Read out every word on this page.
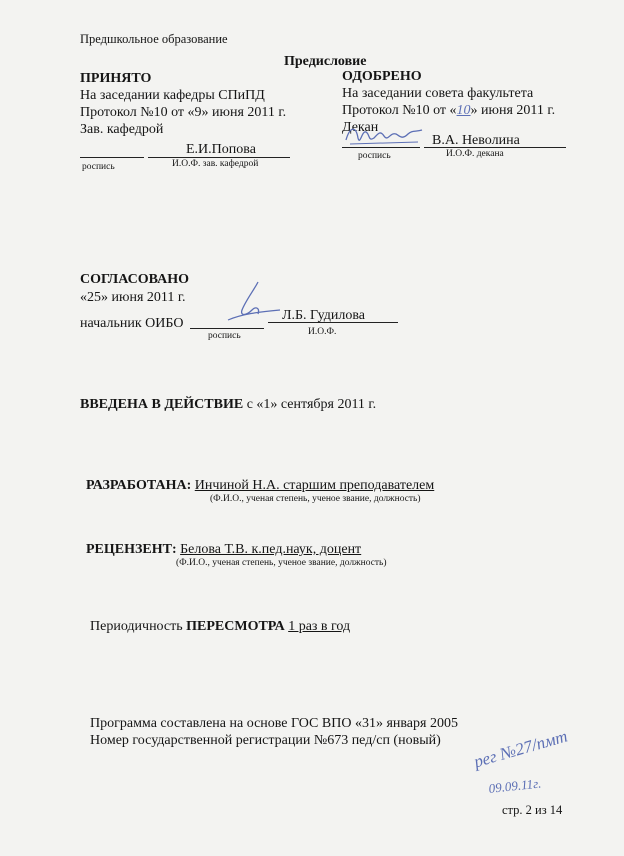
Предшкольное образование
Предисловие
ПРИНЯТО
На заседании кафедры СПиПД
Протокол №10 от «9» июня 2011 г.
Зав. кафедрой
Е.И.Попова
роспись	И.О.Ф. зав. кафедрой
ОДОБРЕНО
На заседании совета факультета
Протокол №10 от «10» июня 2011 г.
Декан
В.А. Неволина
роспись	И.О.Ф. декана
СОГЛАСОВАНО
«25» июня 2011 г.
начальник ОИБО
Л.Б. Гудилова
роспись	И.О.Ф.
ВВЕДЕНА В ДЕЙСТВИЕ с «1» сентября 2011 г.
РАЗРАБОТАНА: Инчиной Н.А. старшим преподавателем
(Ф.И.О., ученая степень, ученое звание, должность)
РЕЦЕНЗЕНТ: Белова Т.В. к.пед.наук, доцент
(Ф.И.О., ученая степень, ученое звание, должность)
Периодичность ПЕРЕСМОТРА 1 раз в год
Программа составлена на основе ГОС ВПО «31» января 2005
Номер государственной регистрации №673 пед/сп (новый) рег №27/пмт
09.09.11г.
стр. 2 из 14
